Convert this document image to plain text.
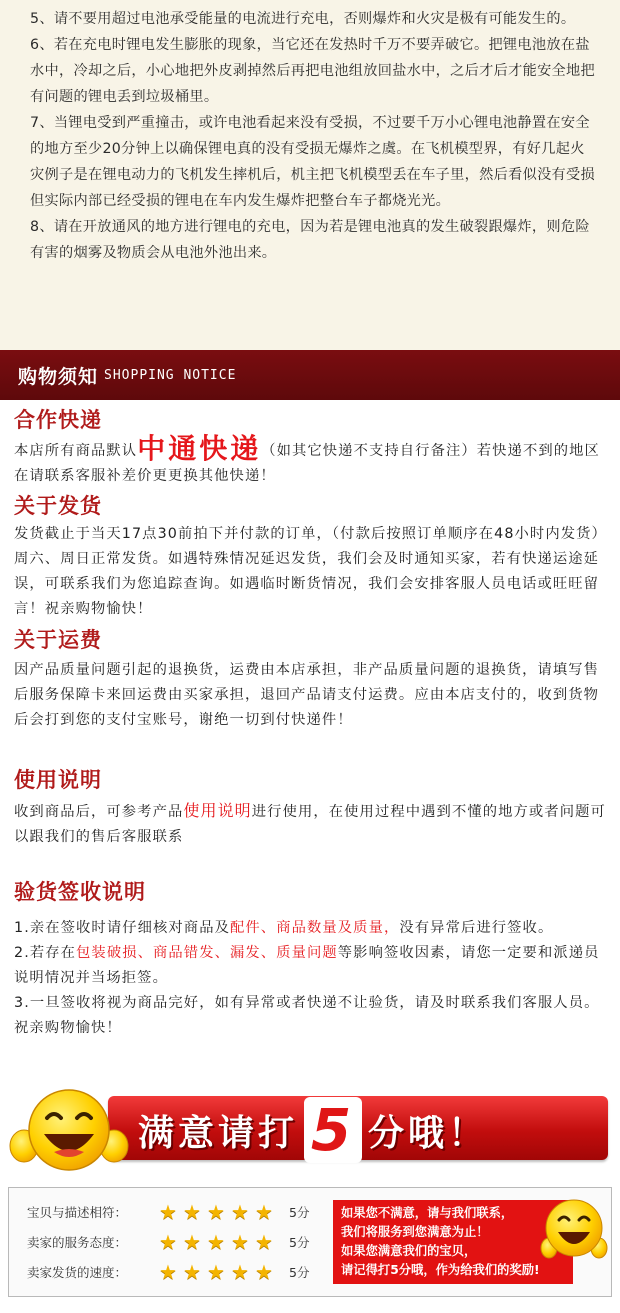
5、请不要用超过电池承受能量的电流进行充电，否则爆炸和火灾是极有可能发生的。

6、若在充电时锂电发生膨胀的现象，当它还在发热时千万不要弄破它。把锂电池放在盐水中，冷却之后，小心地把外皮剥掉然后再把电池组放回盐水中，之后才后才能安全地把有问题的锂电丢到垃圾桶里。

7、当锂电受到严重撞击，或许电池看起来没有受损，不过要千万小心锂电池静置在安全的地方至少20分钟上以确保锂电真的没有受损无爆炸之虞。在飞机模型界，有好几起火灾例子是在锂电动力的飞机发生摔机后，机主把飞机模型丢在车子里，然后看似没有受损但实际内部已经受损的锂电在车内发生爆炸把整台车子都烧光光。

8、请在开放通风的地方进行锂电的充电，因为若是锂电池真的发生破裂跟爆炸，则危险有害的烟雾及物质会从电池外池出来。

购物须知 SHOPPING NOTICE
合作快递
本店所有商品默认中通快递（如其它快递不支持自行备注）若快递不到的地区在请联系客服补差价更更换其他快递！
关于发货
发货截止于当天17点30前拍下并付款的订单，（付款后按照订单顺序在48小时内发货）周六、周日正常发货。如遇特殊情况延迟发货，我们会及时通知买家，若有快递运途延误，可联系我们为您追踪查询。如遇临时断货情况，我们会安排客服人员电话或旺旺留言！祝亲购物愉快！
关于运费
因产品质量问题引起的退换货，运费由本店承担，非产品质量问题的退换货，请填写售后服务保障卡来回运费由买家承担，退回产品请支付运费。应由本店支付的，收到货物后会打到您的支付宝账号，谢绝一切到付快递件！
使用说明
收到商品后，可参考产品使用说明进行使用，在使用过程中遇到不懂的地方或者问题可以跟我们的售后客服联系
验货签收说明
1.亲在签收时请仔细核对商品及配件、商品数量及质量，没有异常后进行签收。
2.若存在包装破损、商品错发、漏发、质量问题等影响签收因素，请您一定要和派递员说明情况并当场拒签。
3.一旦签收将视为商品完好，如有异常或者快递不让验货，请及时联系我们客服人员。祝亲购物愉快！
满意请打 5 分哦！
宝贝与描述相符：	★ ★ ★ ★ ★ 5分
卖家的服务态度：	★ ★ ★ ★ ★ 5分
卖家发货的速度：	★ ★ ★ ★ ★ 5分
如果您不满意，请与我们联系，
我们将服务到您满意为止！
如果您满意我们的宝贝，
请记得打5分哦，作为给我们的奖励!
